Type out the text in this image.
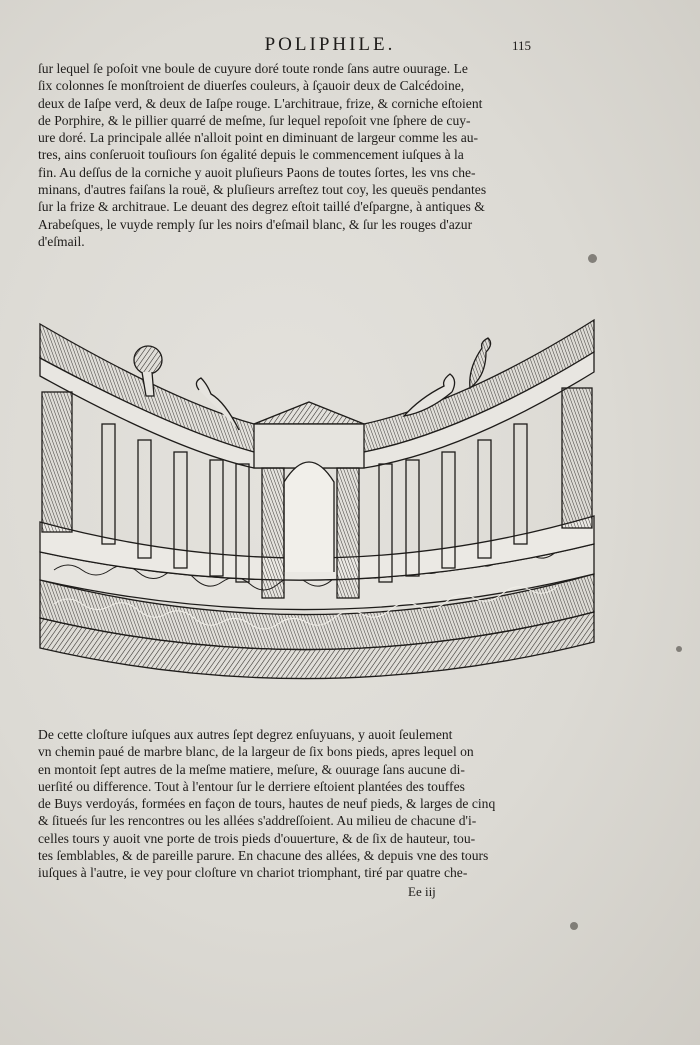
POLIPHILE.	115

ſur lequel ſe poſoit vne boule de cuyure doré toute ronde ſans autre ouurage. Le
ſix colonnes ſe monſtroient de diuerſes couleurs, à ſçauoir deux de Calcédoine,
deux de Iaſpe verd, & deux de Iaſpe rouge. L'architraue, frize, & corniche eſtoient
de Porphire, & le pillier quarré de meſme, ſur lequel repoſoit vne ſphere de cuy-
ure doré. La principale allée n'alloit point en diminuant de largeur comme les au-
tres, ains conſeruoit touſiours ſon égalité depuis le commencement iuſques à la
fin. Au deſſus de la corniche y auoit pluſieurs Paons de toutes ſortes, les vns che-
minans, d'autres faiſans la rouë, & pluſieurs arreſtez tout coy, les queuës pendantes
ſur la frize & architraue. Le deuant des degrez eſtoit taillé d'eſpargne, à antiques &
Arabeſques, le vuyde remply ſur les noirs d'eſmail blanc, & ſur les rouges d'azur
d'eſmail.

De cette cloſture iuſques aux autres ſept degrez enſuyuans, y auoit ſeulement
vn chemin paué de marbre blanc, de la largeur de ſix bons pieds, apres lequel on
en montoit ſept autres de la meſme matiere, meſure, & ouurage ſans aucune di-
uerſité ou difference. Tout à l'entour ſur le derriere eſtoient plantées des touffes
de Buys verdoyás, formées en façon de tours, hautes de neuf pieds, & larges de cinq
& ſitueés ſur les rencontres ou les allées s'addreſſoient. Au milieu de chacune d'i-
celles tours y auoit vne porte de trois pieds d'ouuerture, & de ſix de hauteur, tou-
tes ſemblables, & de pareille parure. En chacune des allées, & depuis vne des tours
iuſques à l'autre, ie vey pour cloſture vn chariot triomphant, tiré par quatre che-

Ee iij
